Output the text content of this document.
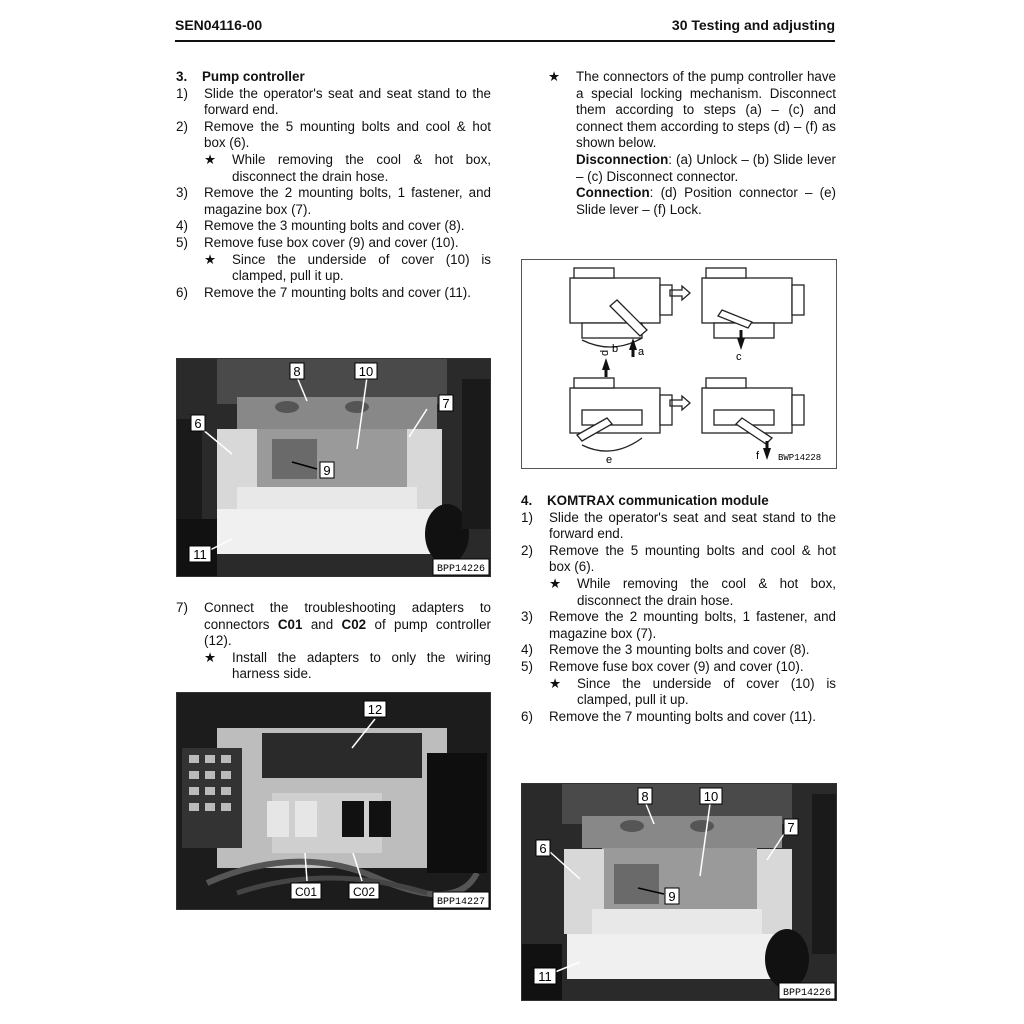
SEN04116-00	30 Testing and adjusting
3.	Pump controller
1)	Slide the operator's seat and seat stand to the forward end.
2)	Remove the 5 mounting bolts and cool & hot box (6).
★	While removing the cool & hot box, disconnect the drain hose.
3)	Remove the 2 mounting bolts, 1 fastener, and magazine box (7).
4)	Remove the 3 mounting bolts and cover (8).
5)	Remove fuse box cover (9) and cover (10).
★	Since the underside of cover (10) is clamped, pull it up.
6)	Remove the 7 mounting bolts and cover (11).
8	10
7
6
9
11
BPP14226
7)	Connect the troubleshooting adapters to connectors C01 and C02 of pump controller (12).
★	Install the adapters to only the wiring harness side.
12
C01	C02
BPP14227
★	The connectors of the pump controller have a special locking mechanism. Disconnect them according to steps (a) – (c) and connect them according to steps (d) – (f) as shown below.
Disconnection: (a) Unlock – (b) Slide lever – (c) Disconnect connector.
Connection: (d) Position connector – (e) Slide lever – (f) Lock.
a
b
c
d
e	f BWP14228
4.	KOMTRAX communication module
1)	Slide the operator's seat and seat stand to the forward end.
2)	Remove the 5 mounting bolts and cool & hot box (6).
★	While removing the cool & hot box, disconnect the drain hose.
3)	Remove the 2 mounting bolts, 1 fastener, and magazine box (7).
4)	Remove the 3 mounting bolts and cover (8).
5)	Remove fuse box cover (9) and cover (10).
★	Since the underside of cover (10) is clamped, pull it up.
6)	Remove the 7 mounting bolts and cover (11).
8	10
7
6
9
11
BPP14226
